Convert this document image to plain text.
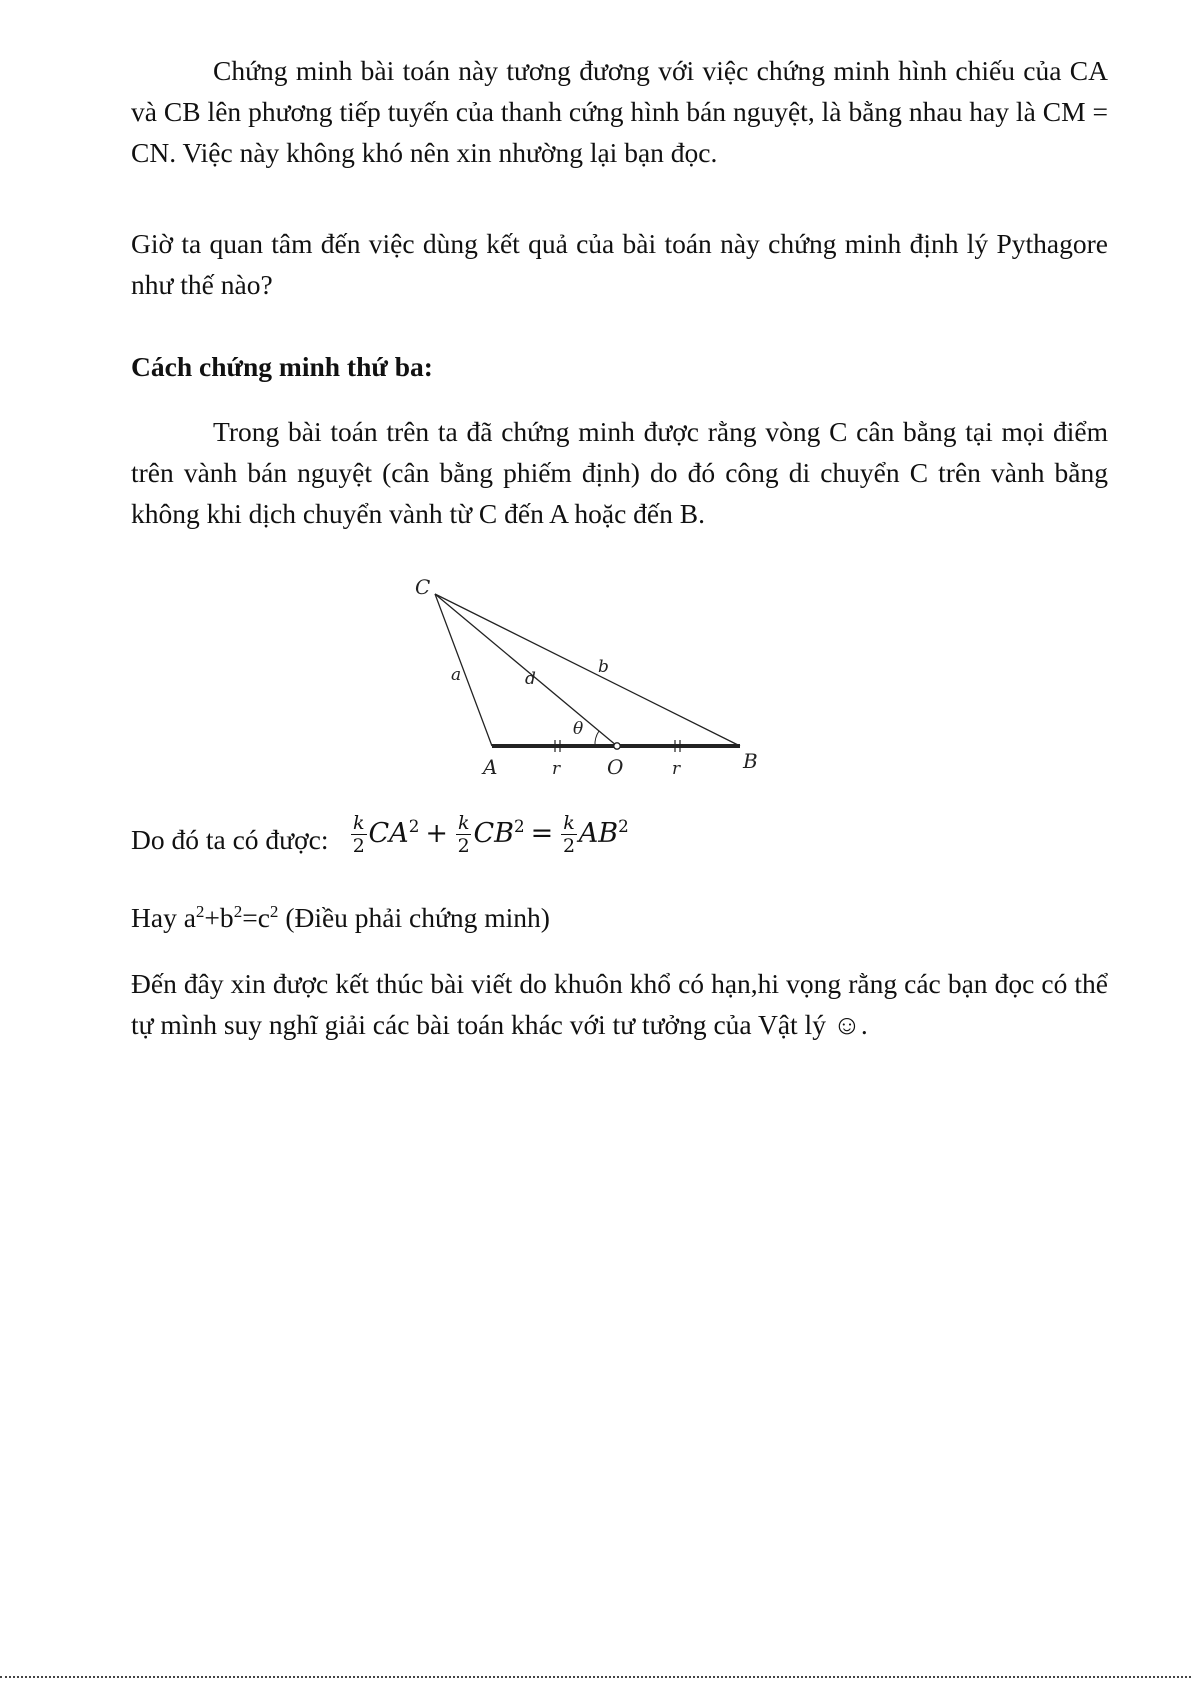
Chứng minh bài toán này tương đương với việc chứng minh hình chiếu của CA và CB lên phương tiếp tuyến của thanh cứng hình bán nguyệt, là bằng nhau hay là CM = CN. Việc này không khó nên xin nhường lại bạn đọc.

Giờ ta quan tâm đến việc dùng kết quả của bài toán này chứng minh định lý Pythagore như thế nào?

Cách chứng minh thứ ba:

Trong bài toán trên ta đã chứng minh được rằng vòng C cân bằng tại mọi điểm trên vành bán nguyệt (cân bằng phiếm định) do đó công di chuyển C trên vành bằng không khi dịch chuyển vành từ C đến A hoặc đến B.

C
A	O	B
a	b
d
θ
r	r
Do đó ta có được: $\frac{k}{2} CA^2 + \frac{k}{2} CB^2 = \frac{k}{2} AB^2$

Hay $a^2+b^2=c^2$ (Điều phải chứng minh)

Đến đây xin được kết thúc bài viết do khuôn khổ có hạn,hi vọng rằng các bạn đọc có thể tự mình suy nghĩ giải các bài toán khác với tư tưởng của Vật lý ☺.
